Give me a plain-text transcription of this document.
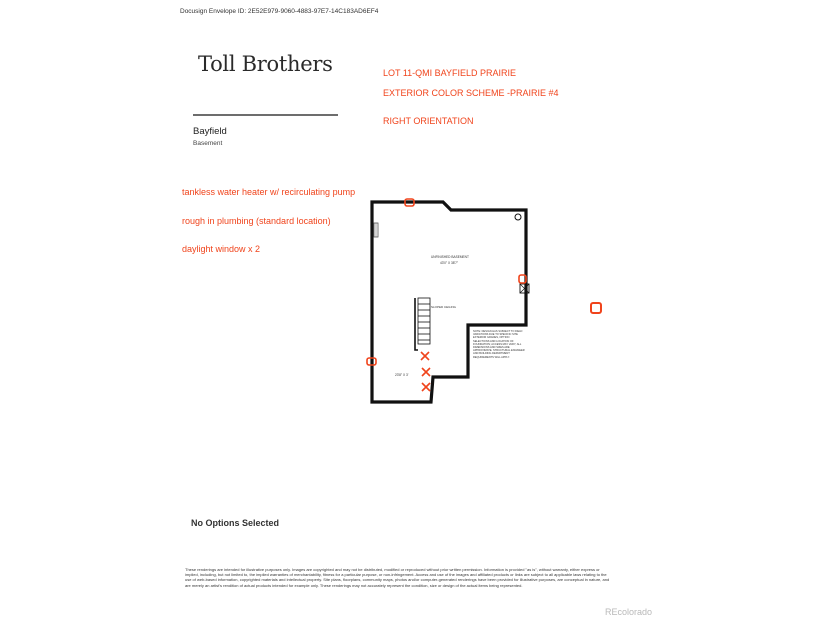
Docusign Envelope ID: 2E52E979-9060-4883-97E7-14C183AD6EF4
Toll Brothers
Bayfield
Basement
LOT 11-QMI BAYFIELD PRAIRIE
EXTERIOR COLOR SCHEME -PRAIRIE #4
RIGHT ORIENTATION
tankless water heater w/ recirculating pump
rough in plumbing (standard location)
daylight window x 2
SLOPED CEILING
UNFINISHED BASEMENT
43'0" X 38'7"
23'8" X 3'
NOTE: DESIGN HAS SUBJECT TO FIELD VARIATIONS DUE TO SPECIFIC SITE EXTERIOR GRADES, OPTION SELECTIONS AND LOCATION OF FOUNDATION; ACCESS MAY VARY; ALL DIMENSIONS AND SIZES ARE APPROXIMATE. STRUCTURAL ENGINEER AND BUILDING DEPARTMENT REQUIREMENTS WILL APPLY.
No Options Selected
These renderings are intended for illustrative purposes only. Images are copyrighted and may not be distributed, modified or reproduced without prior written permission. Information is provided "as is", without warranty, either express or implied, including, but not limited to, the implied warranties of merchantability, fitness for a particular purpose, or non-infringement. Access and use of the images and affiliated products or links are subject to all applicable laws relating to the use of web-based information, copyrighted materials and intellectual property. Site plans, floorplans, community maps, photos and/or computer-generated renderings have been provided for illustrative purposes, are conceptual in nature, and are merely an artist's rendition of actual products intended for example only. These renderings may not accurately represent the condition, size or design of the actual items being represented.
REcolorado
